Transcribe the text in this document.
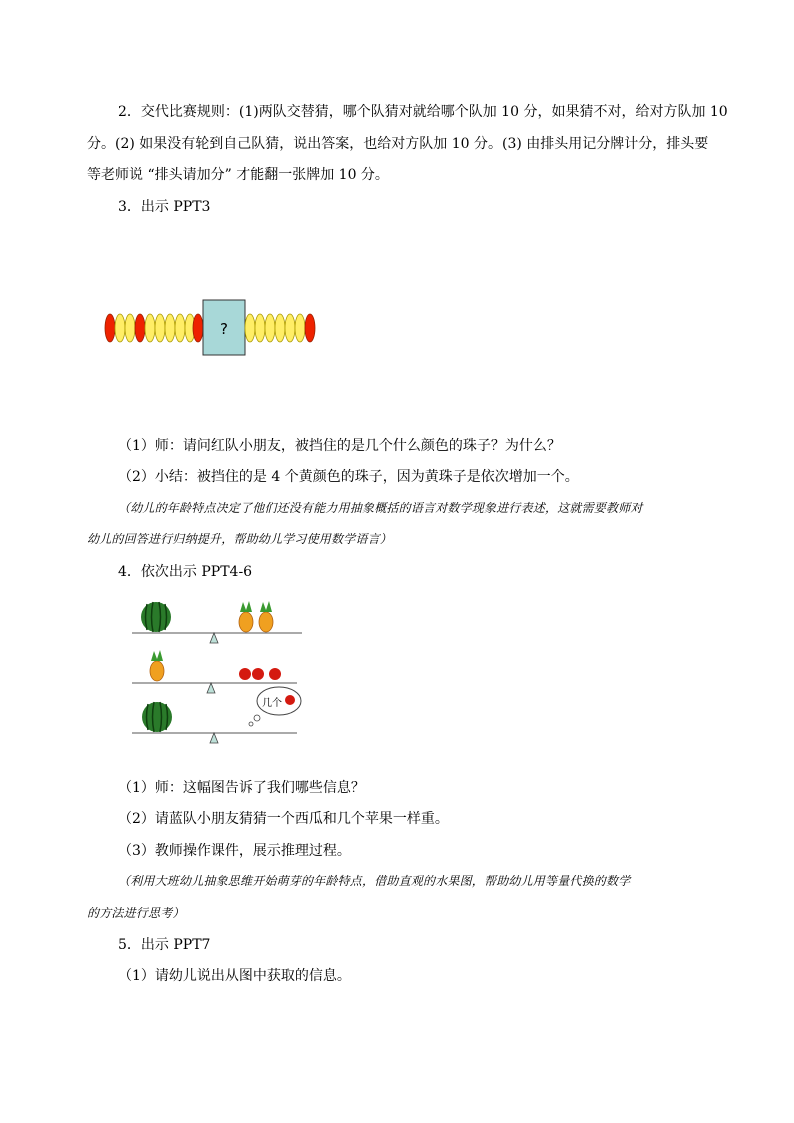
2．交代比赛规则：(1)两队交替猜，哪个队猜对就给哪个队加 10 分，如果猜不对，给对方队加 10
分。(2) 如果没有轮到自己队猜，说出答案，也给对方队加 10 分。(3) 由排头用记分牌计分，排头要
等老师说 “排头请加分” 才能翻一张牌加 10 分。
3．出示 PPT3
?
（1）师：请问红队小朋友，被挡住的是几个什么颜色的珠子？为什么？
（2）小结：被挡住的是 4 个黄颜色的珠子，因为黄珠子是依次增加一个。
（幼儿的年龄特点决定了他们还没有能力用抽象概括的语言对数学现象进行表述，这就需要教师对
幼儿的回答进行归纳提升，帮助幼儿学习使用数学语言）
4．依次出示 PPT4-6
几个
（1）师：这幅图告诉了我们哪些信息？
（2）请蓝队小朋友猜猜一个西瓜和几个苹果一样重。
（3）教师操作课件，展示推理过程。
（利用大班幼儿抽象思维开始萌芽的年龄特点，借助直观的水果图，帮助幼儿用等量代换的数学
的方法进行思考）
5．出示 PPT7
（1）请幼儿说出从图中获取的信息。
